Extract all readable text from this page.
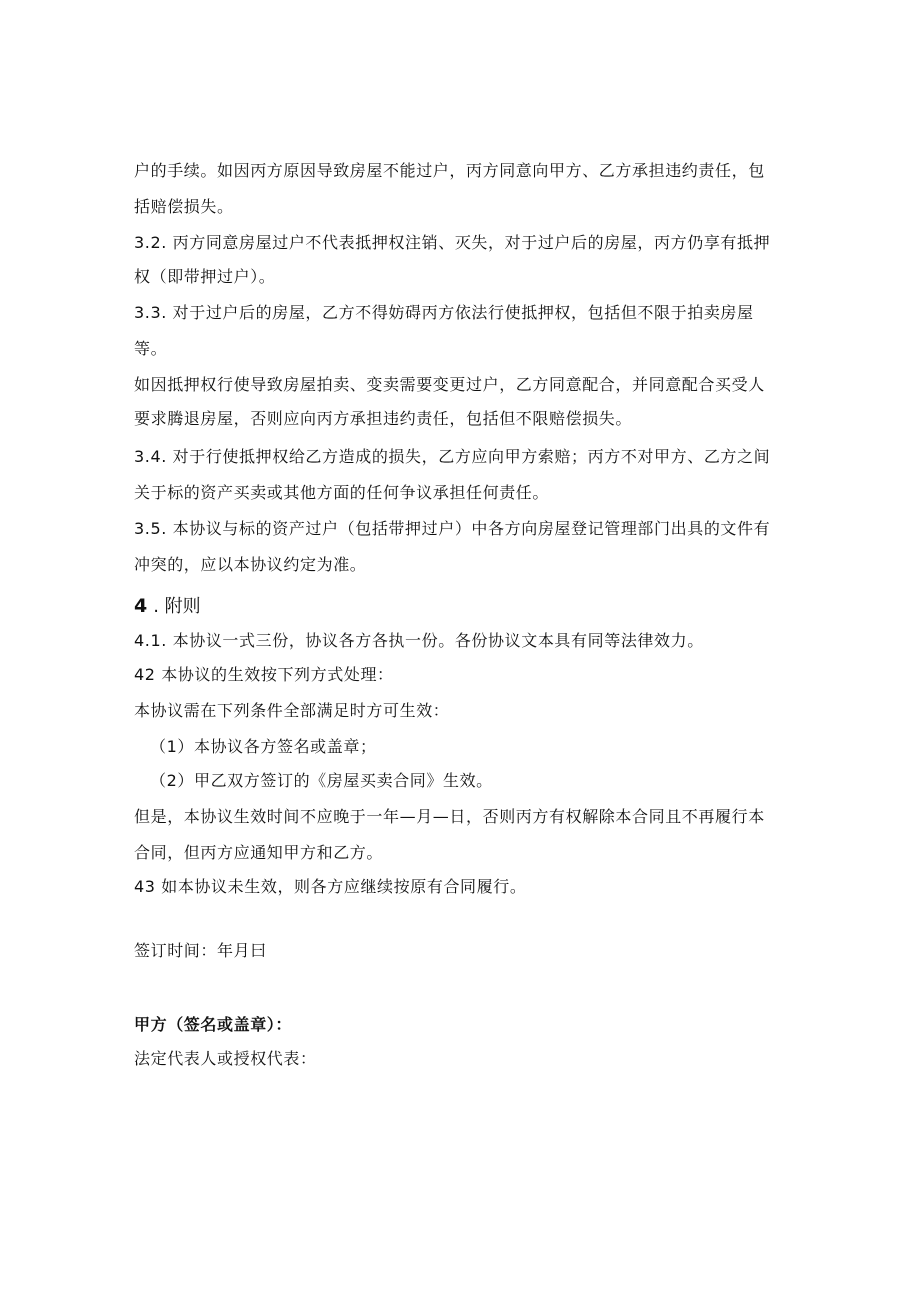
户的手续。如因丙方原因导致房屋不能过户，丙方同意向甲方、乙方承担违约责任，包
括赔偿损失。
3.2. 丙方同意房屋过户不代表抵押权注销、灭失，对于过户后的房屋，丙方仍享有抵押
权（即带押过户）。
3.3. 对于过户后的房屋，乙方不得妨碍丙方依法行使抵押权，包括但不限于拍卖房屋
等。
如因抵押权行使导致房屋拍卖、变卖需要变更过户，乙方同意配合，并同意配合买受人
要求腾退房屋，否则应向丙方承担违约责任，包括但不限赔偿损失。
3.4. 对于行使抵押权给乙方造成的损失，乙方应向甲方索赔；丙方不对甲方、乙方之间
关于标的资产买卖或其他方面的任何争议承担任何责任。
3.5. 本协议与标的资产过户（包括带押过户）中各方向房屋登记管理部门出具的文件有
冲突的，应以本协议约定为准。
4 . 附则
4.1. 本协议一式三份，协议各方各执一份。各份协议文本具有同等法律效力。
42 本协议的生效按下列方式处理：
本协议需在下列条件全部满足时方可生效：
（1）本协议各方签名或盖章；
（2）甲乙双方签订的《房屋买卖合同》生效。
但是，本协议生效时间不应晚于一年—月—日，否则丙方有权解除本合同且不再履行本
合同，但丙方应通知甲方和乙方。
43 如本协议未生效，则各方应继续按原有合同履行。
签订时间：年月曰
甲方（签名或盖章）：
法定代表人或授权代表：
